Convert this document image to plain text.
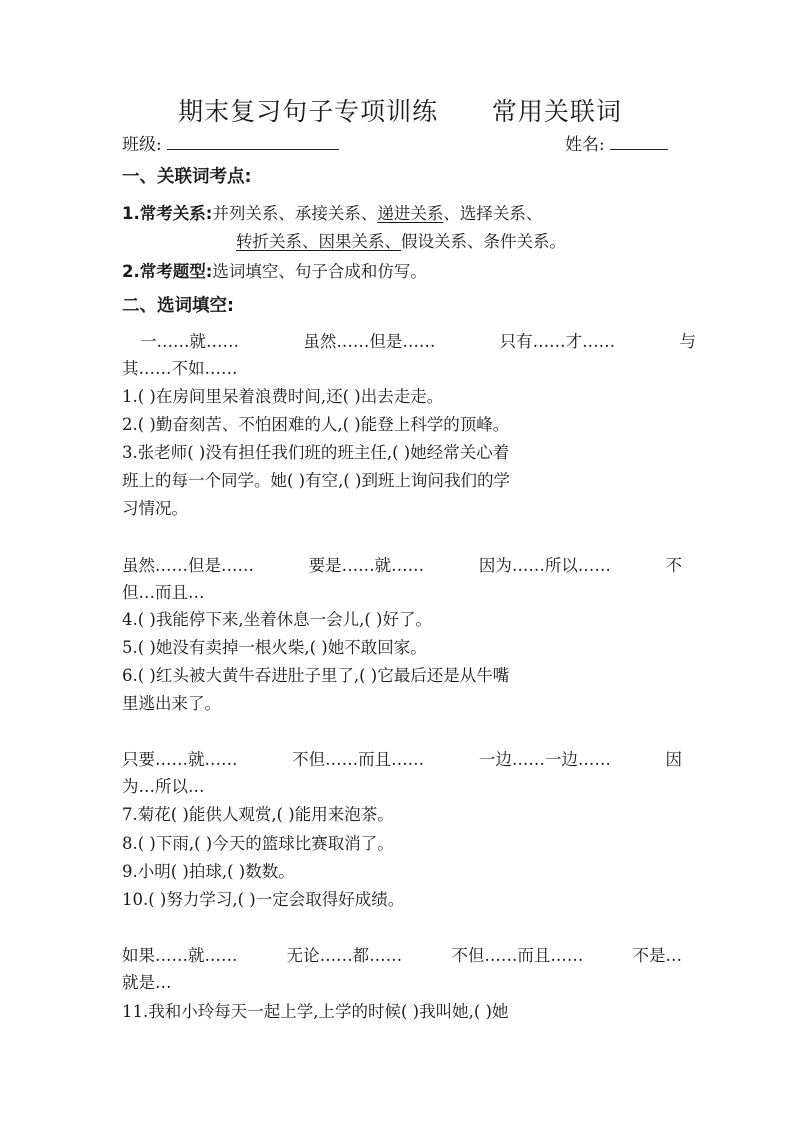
期末复习句子专项训练      常用关联词
班级:	姓名:
一、关联词考点:
1.常考关系:并列关系、承接关系、递进关系、选择关系、
转折关系、因果关系、假设关系、条件关系。
2.常考题型:选词填空、句子合成和仿写。
二、选词填空:
一……就……	虽然……但是……	只有……才……	与
其……不如……
1.( )在房间里呆着浪费时间,还( )出去走走。
2.( )勤奋刻苦、不怕困难的人,( )能登上科学的顶峰。
3.张老师( )没有担任我们班的班主任,( )她经常关心着
班上的每一个同学。她( )有空,( )到班上询问我们的学
习情况。
虽然……但是……	要是……就……	因为……所以……	不
但…而且…
4.( )我能停下来,坐着休息一会儿,( )好了。
5.( )她没有卖掉一根火柴,( )她不敢回家。
6.( )红头被大黄牛吞进肚子里了,( )它最后还是从牛嘴
里逃出来了。
只要……就……	不但……而且……	一边……一边……	因
为…所以…
7.菊花( )能供人观赏,( )能用来泡茶。
8.( )下雨,( )今天的篮球比赛取消了。
9.小明( )拍球,( )数数。
10.( )努力学习,( )一定会取得好成绩。
如果……就……	无论……都……	不但……而且……	不是…
就是…
11.我和小玲每天一起上学,上学的时候( )我叫她,( )她
